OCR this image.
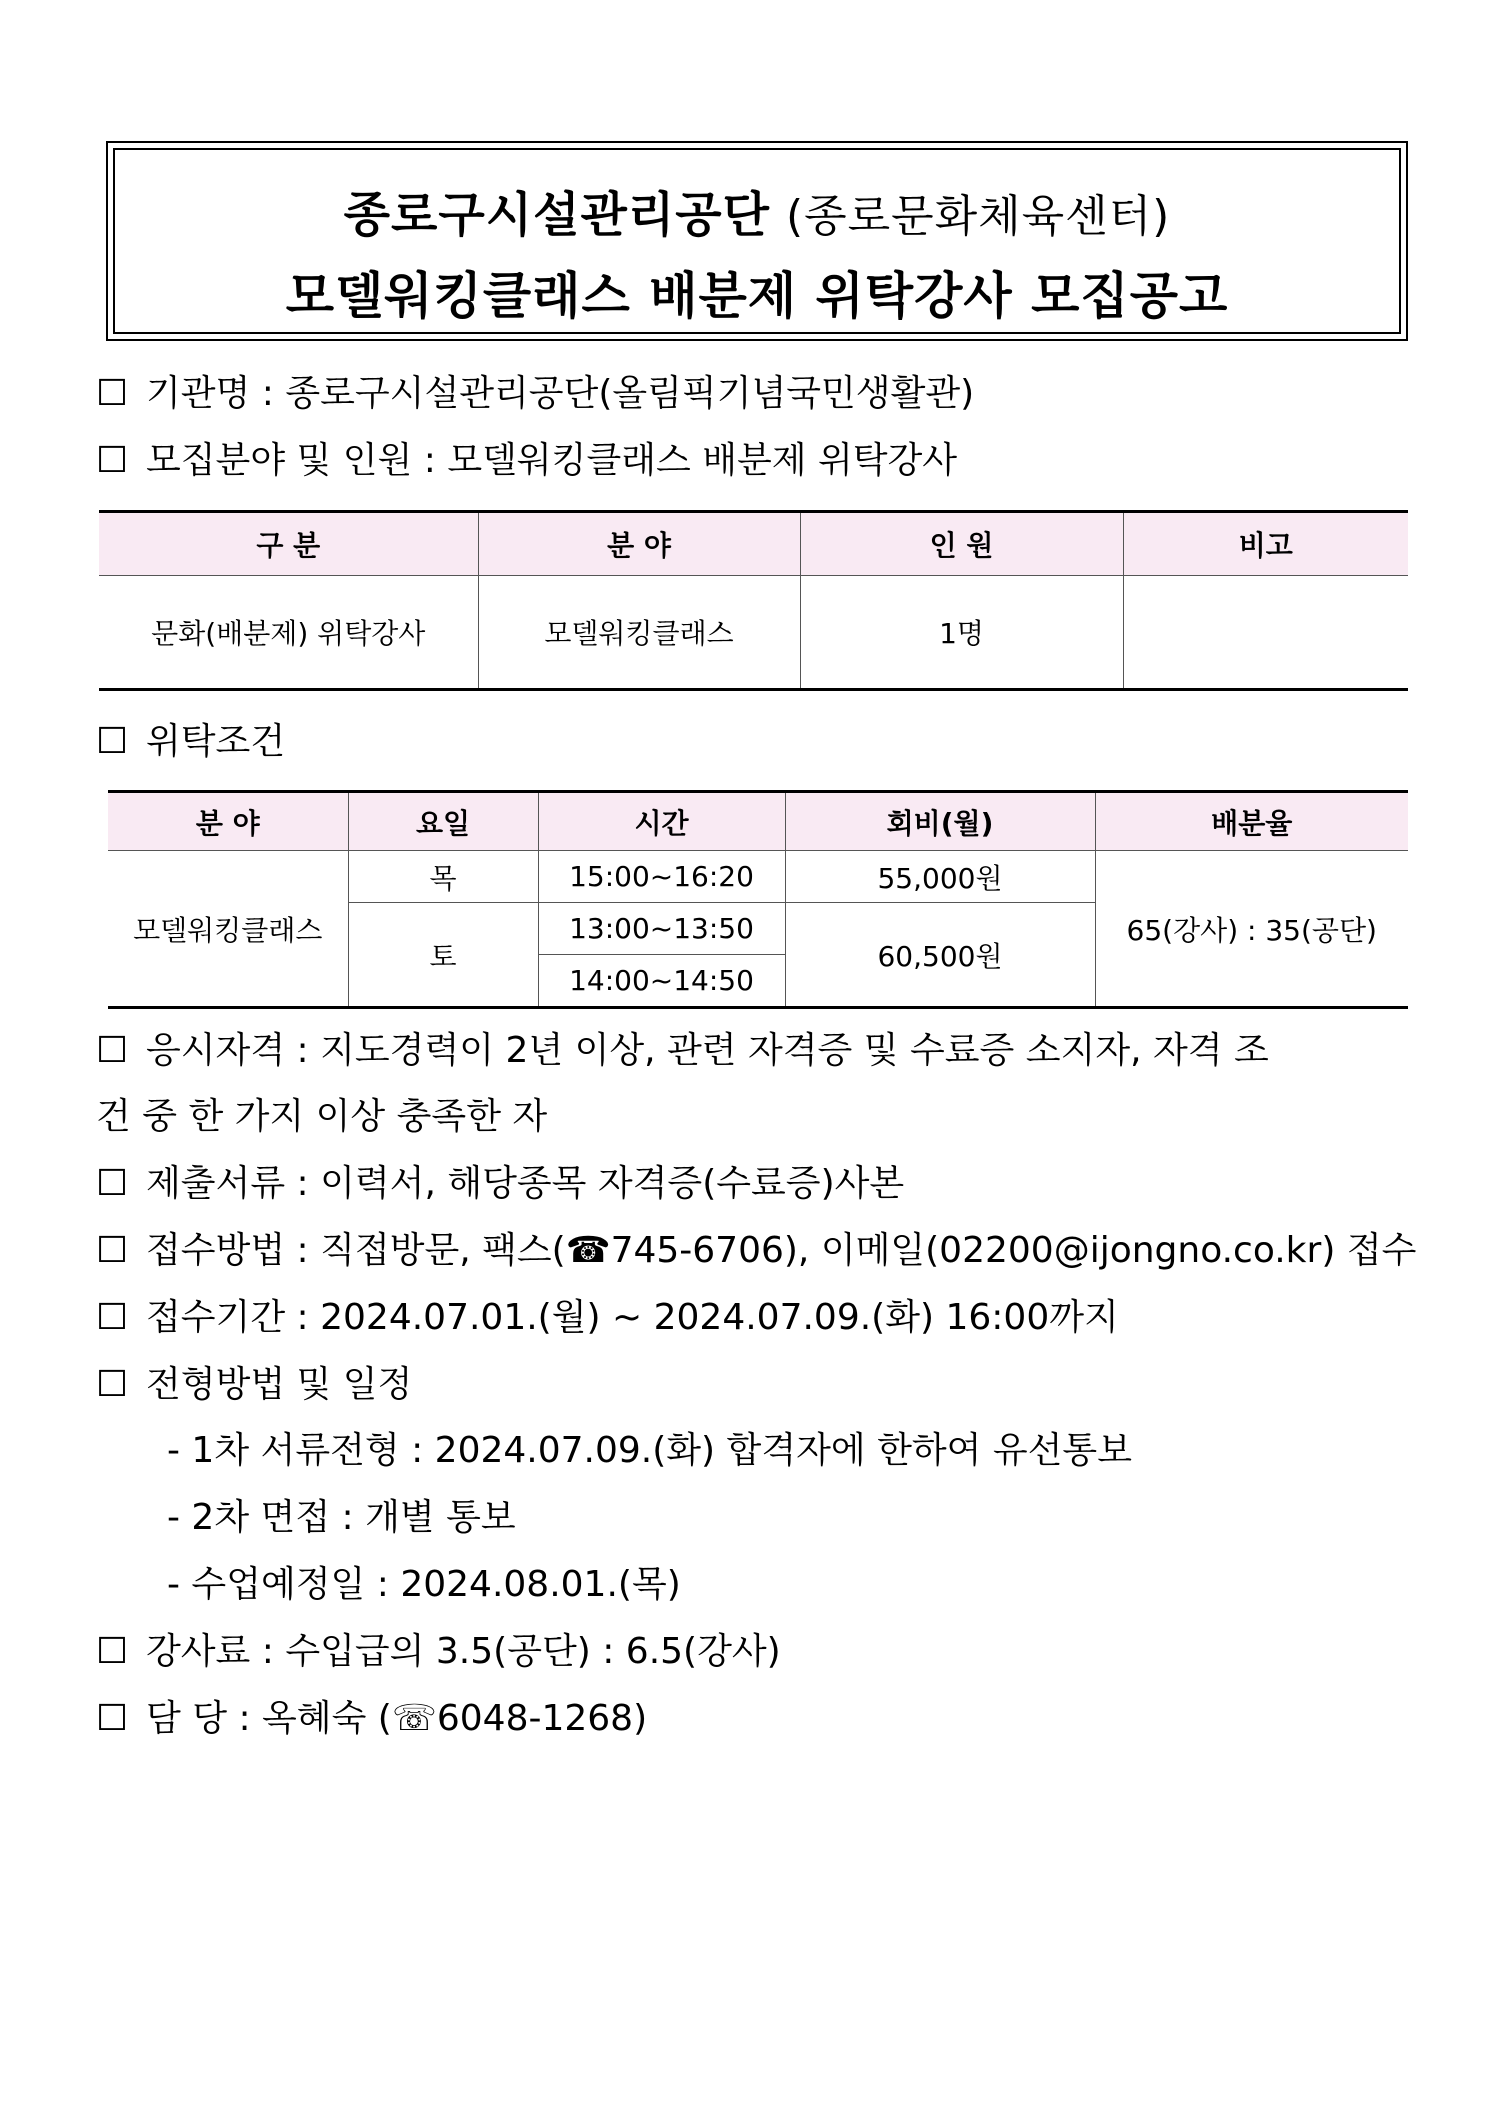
종로구시설관리공단 (종로문화체육센터)
모델워킹클래스 배분제 위탁강사 모집공고
☐ 기관명 : 종로구시설관리공단(올림픽기념국민생활관)
☐ 모집분야 및 인원 : 모델워킹클래스 배분제 위탁강사
구 분	분 야	인 원	비고
문화(배분제) 위탁강사	모델워킹클래스	1명	
☐ 위탁조건
분 야	요일	시간	회비(월)	배분율
모델워킹클래스	목	15:00~16:20	55,000원	65(강사) : 35(공단)
	토	13:00~13:50	60,500원	
		14:00~14:50		
☐ 응시자격 : 지도경력이 2년 이상, 관련 자격증 및 수료증 소지자, 자격 조
건 중 한 가지 이상 충족한 자
☐ 제출서류 : 이력서, 해당종목 자격증(수료증)사본
☐ 접수방법 : 직접방문, 팩스(☎745-6706), 이메일(02200@ijongno.co.kr) 접수
☐ 접수기간 : 2024.07.01.(월) ~ 2024.07.09.(화) 16:00까지
☐ 전형방법 및 일정
- 1차 서류전형 : 2024.07.09.(화) 합격자에 한하여 유선통보
- 2차 면접 : 개별 통보
- 수업예정일 : 2024.08.01.(목)
☐ 강사료 : 수입급의 3.5(공단) : 6.5(강사)
☐ 담 당 : 옥혜숙 (☏6048-1268)
